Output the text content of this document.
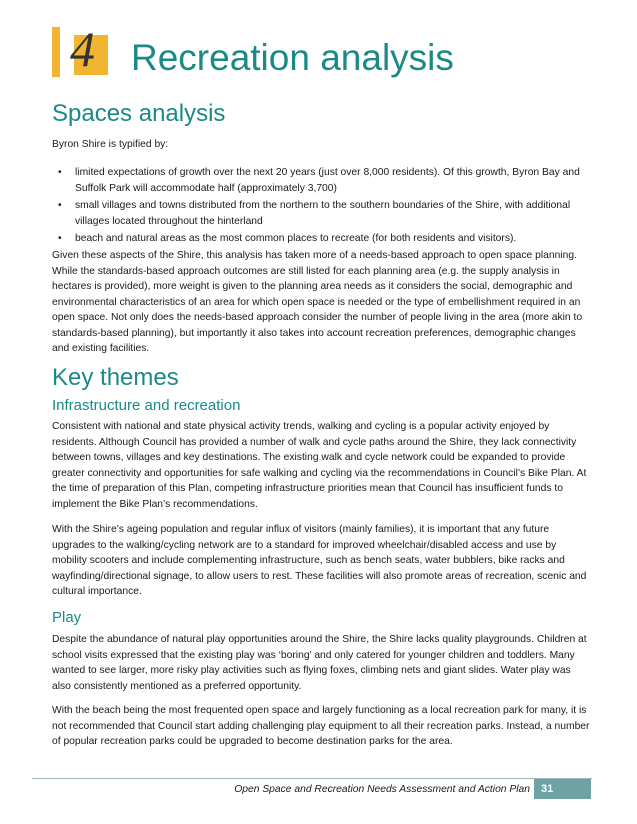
4 Recreation analysis
Spaces analysis
Byron Shire is typified by:
• limited expectations of growth over the next 20 years (just over 8,000 residents). Of this growth, Byron Bay and Suffolk Park will accommodate half (approximately 3,700)
• small villages and towns distributed from the northern to the southern boundaries of the Shire, with additional villages located throughout the hinterland
• beach and natural areas as the most common places to recreate (for both residents and visitors).
Given these aspects of the Shire, this analysis has taken more of a needs-based approach to open space planning. While the standards-based approach outcomes are still listed for each planning area (e.g. the supply analysis in hectares is provided), more weight is given to the planning area needs as it considers the social, demographic and environmental characteristics of an area for which open space is needed or the type of embellishment required in an open space. Not only does the needs-based approach consider the number of people living in the area (more akin to standards-based planning), but importantly it also takes into account recreation preferences, demographic changes and existing facilities.
Key themes
Infrastructure and recreation
Consistent with national and state physical activity trends, walking and cycling is a popular activity enjoyed by residents. Although Council has provided a number of walk and cycle paths around the Shire, they lack connectivity between towns, villages and key destinations. The existing walk and cycle network could be expanded to provide greater connectivity and opportunities for safe walking and cycling via the recommendations in Council’s Bike Plan. At the time of preparation of this Plan, competing infrastructure priorities mean that Council has insufficient funds to implement the Bike Plan’s recommendations.
With the Shire’s ageing population and regular influx of visitors (mainly families), it is important that any future upgrades to the walking/cycling network are to a standard for improved wheelchair/disabled access and use by mobility scooters and include complementing infrastructure, such as bench seats, water bubblers, bike racks and wayfinding/directional signage, to allow users to rest. These facilities will also promote areas of recreation, scenic and cultural importance.
Play
Despite the abundance of natural play opportunities around the Shire, the Shire lacks quality playgrounds. Children at school visits expressed that the existing play was ‘boring’ and only catered for younger children and toddlers. Many wanted to see larger, more risky play activities such as flying foxes, climbing nets and giant slides. Water play was also consistently mentioned as a preferred opportunity.
With the beach being the most frequented open space and largely functioning as a local recreation park for many, it is not recommended that Council start adding challenging play equipment to all their recreation parks. Instead, a number of popular recreation parks could be upgraded to become destination parks for the area.
Open Space and Recreation Needs Assessment and Action Plan	31
